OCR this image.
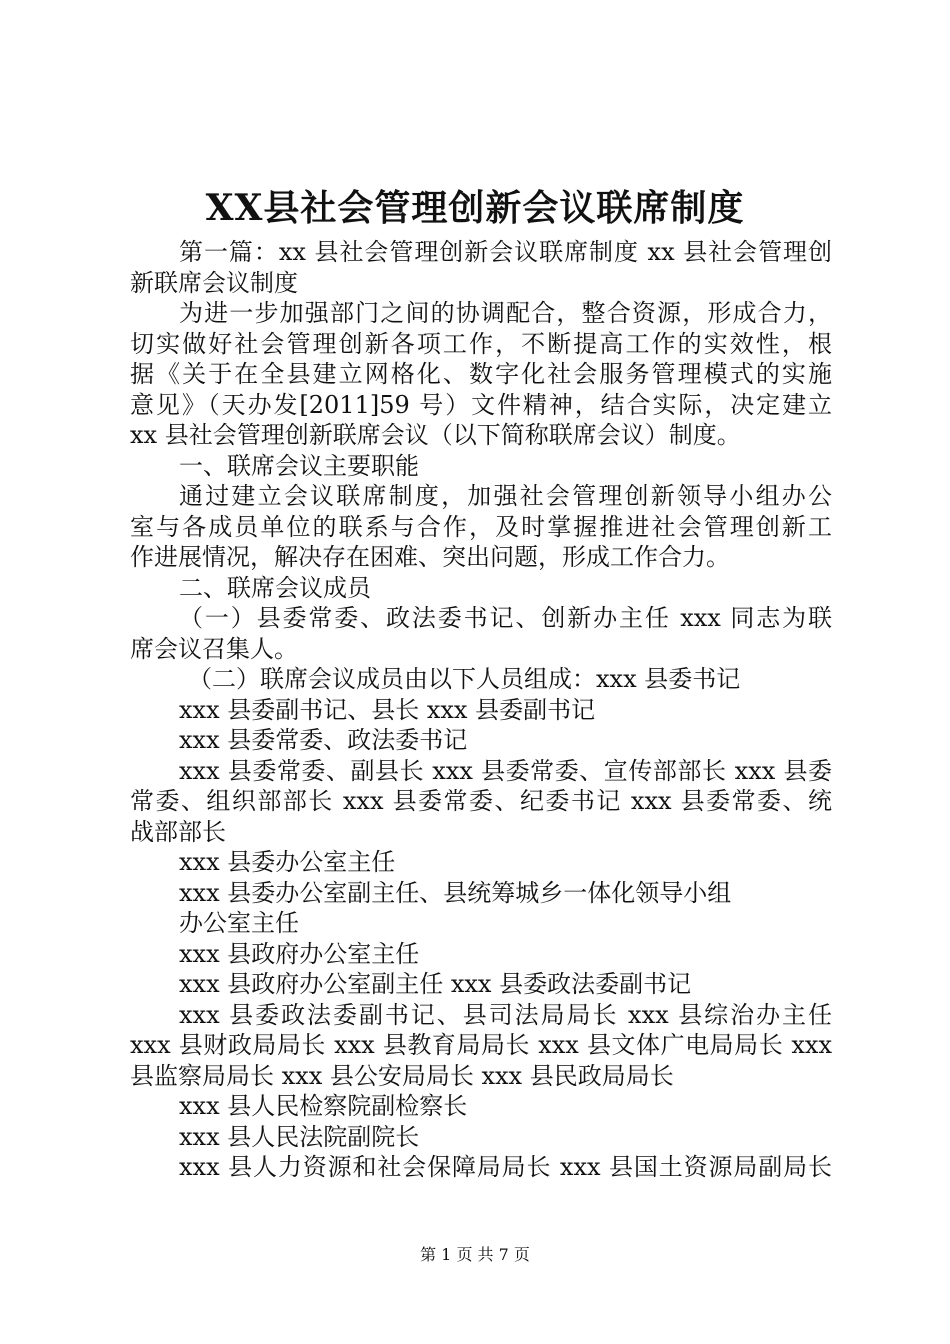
XX县社会管理创新会议联席制度
第一篇：xx 县社会管理创新会议联席制度 xx 县社会管理创
新联席会议制度
为进一步加强部门之间的协调配合，整合资源，形成合力，
切实做好社会管理创新各项工作，不断提高工作的实效性，根
据《关于在全县建立网格化、数字化社会服务管理模式的实施
意见》（天办发[2011]59 号）文件精神，结合实际，决定建立
xx 县社会管理创新联席会议（以下简称联席会议）制度。
一、联席会议主要职能
通过建立会议联席制度，加强社会管理创新领导小组办公
室与各成员单位的联系与合作，及时掌握推进社会管理创新工
作进展情况，解决存在困难、突出问题，形成工作合力。
二、联席会议成员
（一）县委常委、政法委书记、创新办主任 xxx 同志为联
席会议召集人。
（二）联席会议成员由以下人员组成：xxx 县委书记
xxx 县委副书记、县长 xxx 县委副书记
xxx 县委常委、政法委书记
xxx 县委常委、副县长 xxx 县委常委、宣传部部长 xxx 县委
常委、组织部部长 xxx 县委常委、纪委书记 xxx 县委常委、统
战部部长
xxx 县委办公室主任
xxx 县委办公室副主任、县统筹城乡一体化领导小组
办公室主任
xxx 县政府办公室主任
xxx 县政府办公室副主任 xxx 县委政法委副书记
xxx 县委政法委副书记、县司法局局长 xxx 县综治办主任
xxx 县财政局局长 xxx 县教育局局长 xxx 县文体广电局局长 xxx
县监察局局长 xxx 县公安局局长 xxx 县民政局局长
xxx 县人民检察院副检察长
xxx 县人民法院副院长
xxx 县人力资源和社会保障局局长 xxx 县国土资源局副局长
第 1 页 共 7 页
